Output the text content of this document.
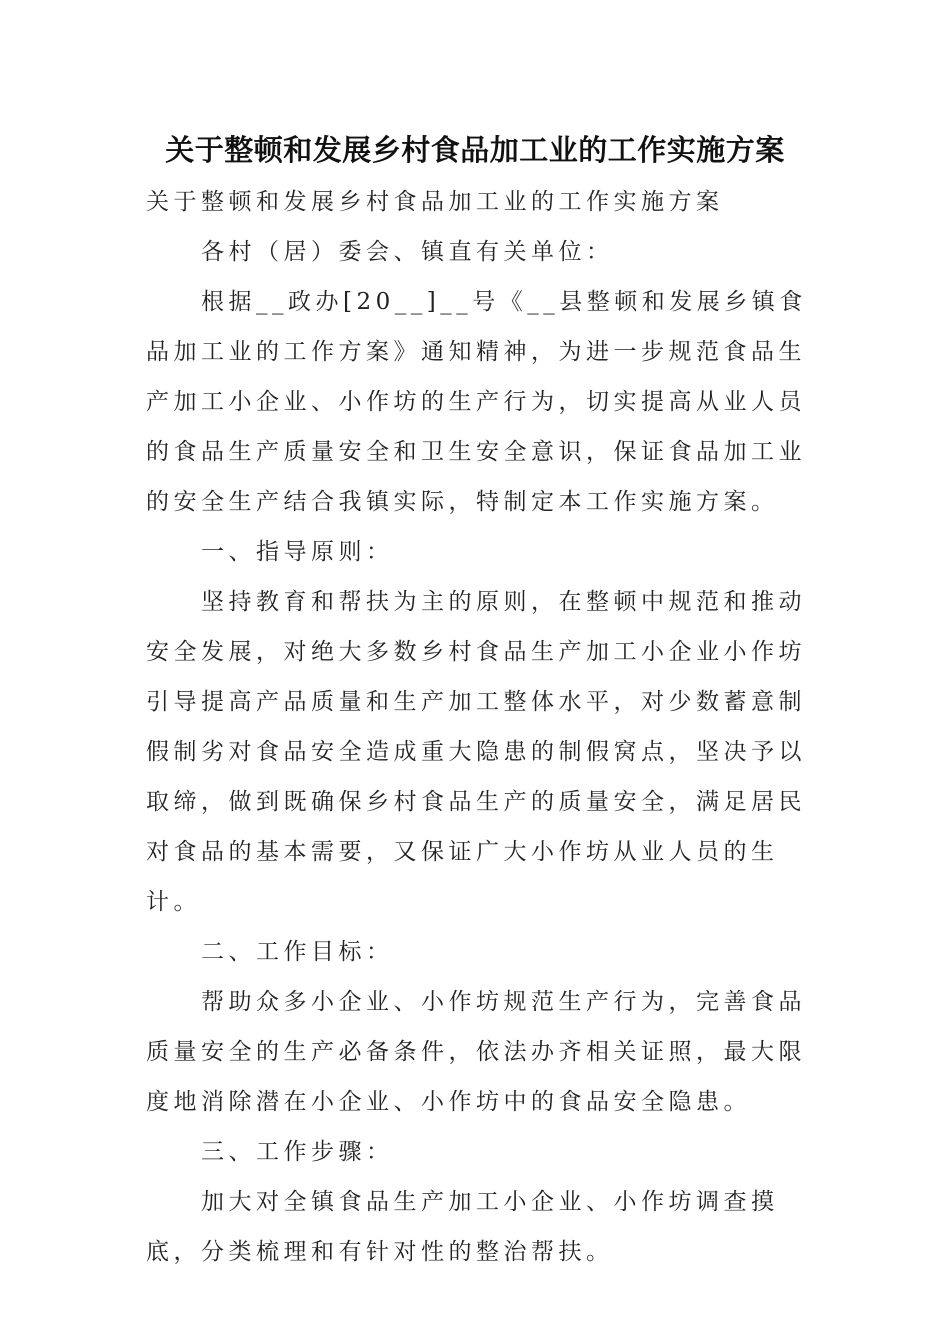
关于整顿和发展乡村食品加工业的工作实施方案

关于整顿和发展乡村食品加工业的工作实施方案

各村（居）委会、镇直有关单位：

根据__政办[20__]__号《__县整顿和发展乡镇食品加工业的工作方案》通知精神，为进一步规范食品生产加工小企业、小作坊的生产行为，切实提高从业人员的食品生产质量安全和卫生安全意识，保证食品加工业的安全生产结合我镇实际，特制定本工作实施方案。

一、指导原则：

坚持教育和帮扶为主的原则，在整顿中规范和推动安全发展，对绝大多数乡村食品生产加工小企业小作坊引导提高产品质量和生产加工整体水平，对少数蓄意制假制劣对食品安全造成重大隐患的制假窝点，坚决予以取缔，做到既确保乡村食品生产的质量安全，满足居民对食品的基本需要，又保证广大小作坊从业人员的生计。

二、工作目标：

帮助众多小企业、小作坊规范生产行为，完善食品质量安全的生产必备条件，依法办齐相关证照，最大限度地消除潜在小企业、小作坊中的食品安全隐患。

三、工作步骤：

加大对全镇食品生产加工小企业、小作坊调查摸底，分类梳理和有针对性的整治帮扶。
